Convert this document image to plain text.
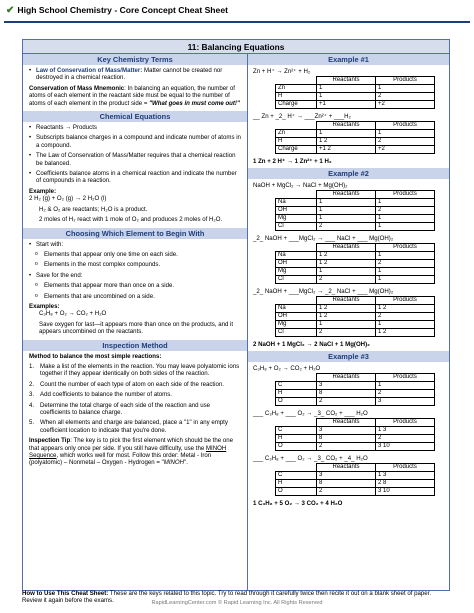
✔ High School Chemistry - Core Concept Cheat Sheet
11: Balancing Equations
Key Chemistry Terms
• Law of Conservation of Mass/Matter: Matter cannot be created nor destroyed in a chemical reaction.

Conservation of Mass Mnemonic: In balancing an equation, the number of atoms of each element in the reactant side must be equal to the number of atoms of each element in the product side = "What goes in must come out!"

Chemical Equations
• Reactants → Products
• Subscripts balance charges in a compound and indicate number of atoms in a compound.
• The Law of Conservation of Mass/Matter requires that a chemical reaction be balanced.
• Coefficients balance atoms in a chemical reaction and indicate the number of compounds in a reaction.
Example:

2 H₂ (g) + O₂ (g) → 2 H₂O (l)

H₂ & O₂ are reactants; H₂O is a product.

2 moles of H₂ react with 1 mole of O₂ and produces 2 moles of H₂O.

Choosing Which Element to Begin With
• Start with:
o Elements that appear only one time on each side.
o Elements in the most complex compounds.
• Save for the end:
o Elements that appear more than once on a side.
o Elements that are uncombined on a side.
Examples:

C₃H₈ + O₂ → CO₂ + H₂O

Save oxygen for last—it appears more than once on the products, and it appears uncombined on the reactants.

Inspection Method

Method to balance the most simple reactions:

1. Make a list of the elements in the reaction. You may leave polyatomic ions together if they appear identically on both sides of the reaction.
2. Count the number of each type of atom on each side of the reaction.
3. Add coefficients to balance the number of atoms.
4. Determine the total charge of each side of the reaction and use coefficients to balance charge.
5. When all elements and charge are balanced, place a "1" in any empty coefficient location to indicate that you're done.

Inspection Tip: The key is to pick the first element which should be the one that appears only once per side. If you still have difficulty, use the MINOH Sequence, which works well for most. Follow this order: Metal - Iron (polyatomic) – Nonmetal – Oxygen - Hydrogen = "MINOH".

Example #1
Zn + H⁺ → Zn²⁺ + H₂
	Reactants	Products
Zn	1	1
H	1	2
Charge	+1	+2
__ Zn + _2_ H⁺ → ___Zn²⁺ + ___H₂
	Reactants	Products
Zn	1	1
H	1 2	2
Charge	+1 2	+2
1 Zn + 2 H⁺ → 1 Zn²⁺ + 1 H₂
Example #2
NaOH + MgCl₂ → NaCl + Mg(OH)₂
	Reactants	Products
Na	1	1
OH	1	2
Mg	1	1
Cl	2	1
_2_ NaOH + ___MgCl₂ → ___ NaCl + ___ Mg(OH)₂
	Reactants	Products
Na	1 2	1
OH	1 2	2
Mg	1	1
Cl	2	1
_2_ NaOH + ___MgCl₂ → _2_ NaCl + ___ Mg(OH)₂
	Reactants	Products
Na	1 2	1 2
OH	1 2	2
Mg	1	1
Cl	2	1 2
2 NaOH + 1 MgCl₂ → 2 NaCl + 1 Mg(OH)₂
Example #3
C₃H₈ + O₂ → CO₂ + H₂O
	Reactants	Products
C	3	1
H	8	2
O	2	3
___ C₃H₈ + ___ O₂ → _3_ CO₂ + ___ H₂O
	Reactants	Products
C	3	1 3
H	8	2
O	2	3 10
___ C₃H₈ + ___ O₂ → _3_ CO₂ + _4_ H₂O
	Reactants	Products
C	3	1 3
H	8	2 8
O	2	3 10
1 C₃H₈ + 5 O₂ → 3 CO₂ + 4 H₂O
How to Use This Cheat Sheet: These are the keys related to this topic. Try to read through it carefully twice then recite it out on a blank sheet of paper. Review it again before the exams.	RapidLearningCenter.com © Rapid Learning Inc. All Rights Reserved
